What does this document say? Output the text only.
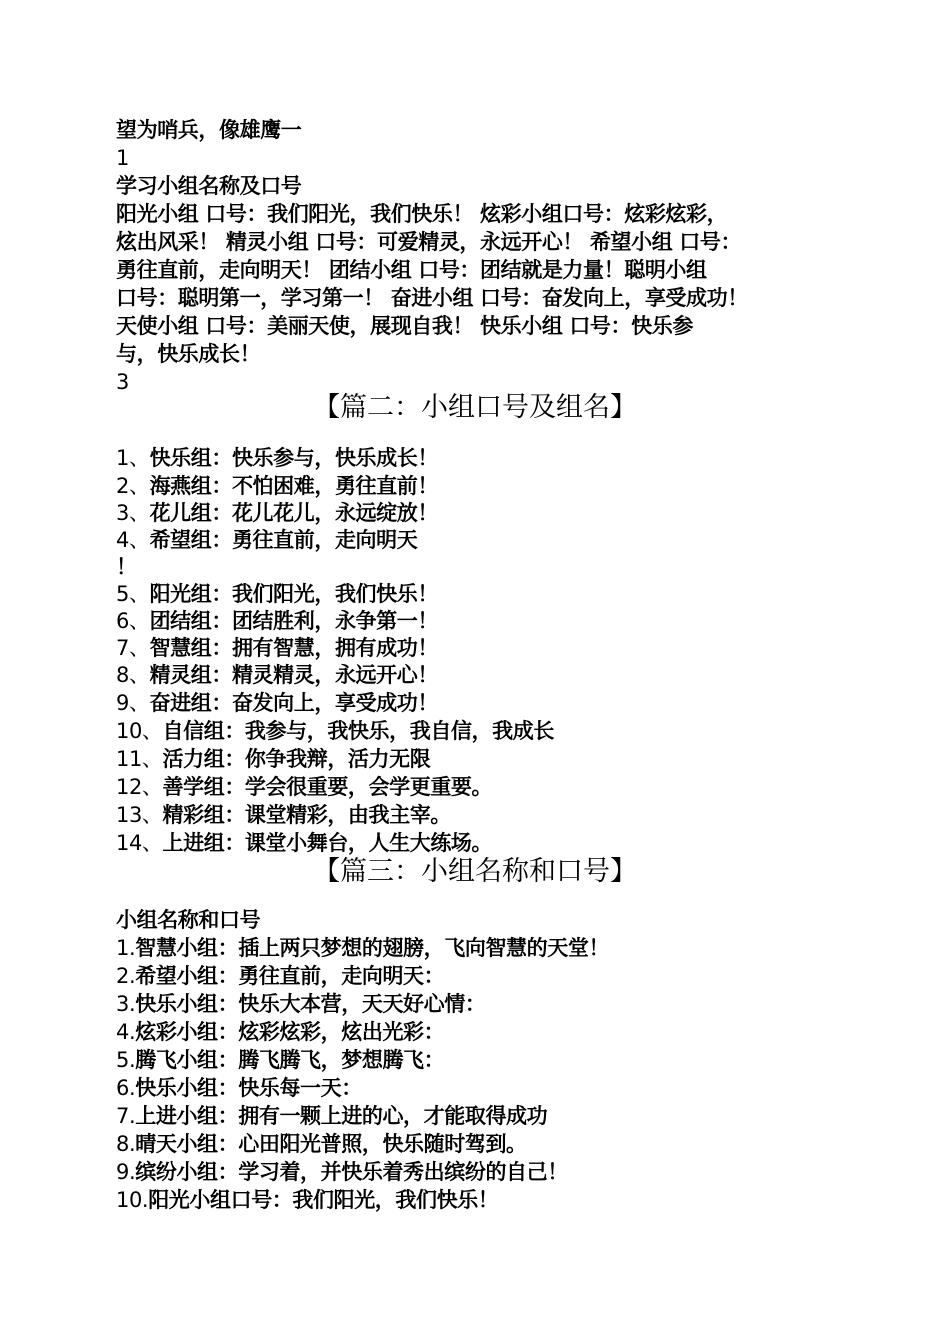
望为哨兵，像雄鹰一
1
学习小组名称及口号
阳光小组 口号：我们阳光，我们快乐！ 炫彩小组口号：炫彩炫彩，
炫出风采！ 精灵小组 口号：可爱精灵，永远开心！ 希望小组 口号：
勇往直前，走向明天！ 团结小组 口号：团结就是力量！聪明小组
口号：聪明第一，学习第一！ 奋进小组 口号：奋发向上，享受成功！
天使小组 口号：美丽天使，展现自我！ 快乐小组 口号：快乐参
与，快乐成长！
3
【篇二：小组口号及组名】
1、快乐组：快乐参与，快乐成长！
2、海燕组：不怕困难，勇往直前！
3、花儿组：花儿花儿，永远绽放！
4、希望组：勇往直前，走向明天
！
5、阳光组：我们阳光，我们快乐！
6、团结组：团结胜利，永争第一！
7、智慧组：拥有智慧，拥有成功！
8、精灵组：精灵精灵，永远开心！
9、奋进组：奋发向上，享受成功！
10、自信组：我参与，我快乐，我自信，我成长
11、活力组：你争我辩，活力无限
12、善学组：学会很重要，会学更重要。
13、精彩组：课堂精彩，由我主宰。
14、上进组：课堂小舞台，人生大练场。
【篇三：小组名称和口号】
小组名称和口号
1.智慧小组：插上两只梦想的翅膀，飞向智慧的天堂！
2.希望小组：勇往直前，走向明天：
3.快乐小组：快乐大本营，天天好心情：
4.炫彩小组：炫彩炫彩，炫出光彩：
5.腾飞小组：腾飞腾飞，梦想腾飞：
6.快乐小组：快乐每一天：
7.上进小组：拥有一颗上进的心，才能取得成功
8.晴天小组：心田阳光普照，快乐随时驾到。
9.缤纷小组：学习着，并快乐着秀出缤纷的自己！
10.阳光小组口号：我们阳光，我们快乐！
